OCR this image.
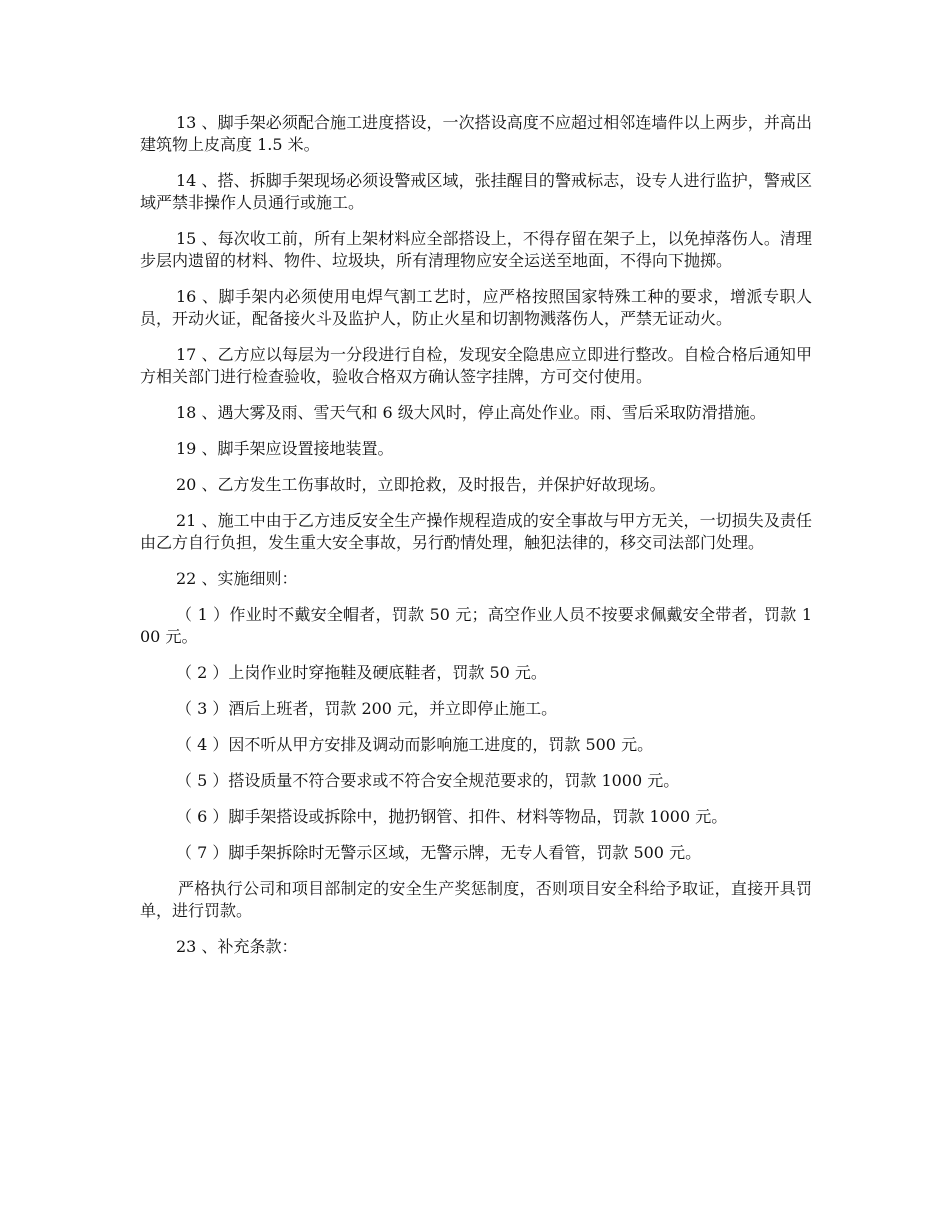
13 、脚手架必须配合施工进度搭设，一次搭设高度不应超过相邻连墙件以上两步，并高出建筑物上皮高度 1.5 米。

14 、搭、拆脚手架现场必须设警戒区域，张挂醒目的警戒标志，设专人进行监护，警戒区域严禁非操作人员通行或施工。

15 、每次收工前，所有上架材料应全部搭设上，不得存留在架子上，以免掉落伤人。清理步层内遗留的材料、物件、垃圾块，所有清理物应安全运送至地面，不得向下抛掷。

16 、脚手架内必须使用电焊气割工艺时，应严格按照国家特殊工种的要求，增派专职人员，开动火证，配备接火斗及监护人，防止火星和切割物溅落伤人，严禁无证动火。

17 、乙方应以每层为一分段进行自检，发现安全隐患应立即进行整改。自检合格后通知甲方相关部门进行检查验收，验收合格双方确认签字挂牌，方可交付使用。

18 、遇大雾及雨、雪天气和 6 级大风时，停止高处作业。雨、雪后采取防滑措施。

19 、脚手架应设置接地装置。

20 、乙方发生工伤事故时，立即抢救，及时报告，并保护好故现场。

21 、施工中由于乙方违反安全生产操作规程造成的安全事故与甲方无关，一切损失及责任由乙方自行负担，发生重大安全事故，另行酌情处理，触犯法律的，移交司法部门处理。

22 、实施细则：

（ 1 ）作业时不戴安全帽者，罚款 50 元；高空作业人员不按要求佩戴安全带者，罚款 100 元。

（ 2 ）上岗作业时穿拖鞋及硬底鞋者，罚款 50 元。

（ 3 ）酒后上班者，罚款 200 元，并立即停止施工。

（ 4 ）因不听从甲方安排及调动而影响施工进度的，罚款 500 元。

（ 5 ）搭设质量不符合要求或不符合安全规范要求的，罚款 1000 元。

（ 6 ）脚手架搭设或拆除中，抛扔钢管、扣件、材料等物品，罚款 1000 元。

（ 7 ）脚手架拆除时无警示区域，无警示牌，无专人看管，罚款 500 元。

严格执行公司和项目部制定的安全生产奖惩制度，否则项目安全科给予取证，直接开具罚单，进行罚款。

23 、补充条款：
